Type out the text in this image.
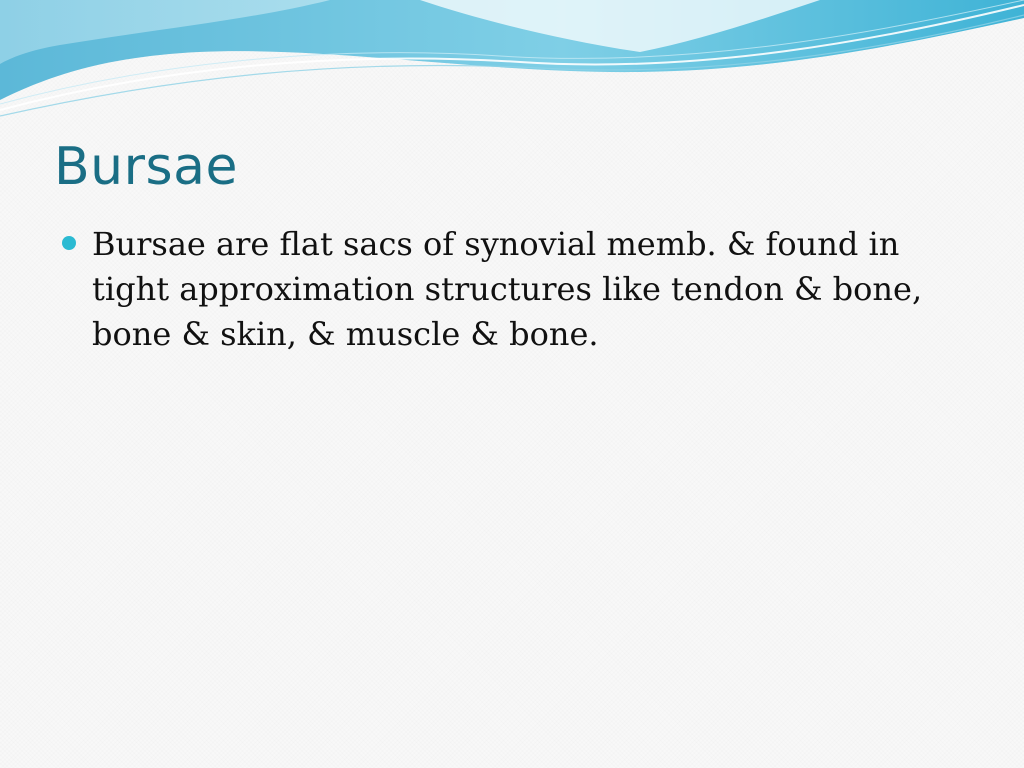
Bursae
Bursae are flat sacs of synovial memb. & found in tight approximation structures like tendon & bone, bone & skin, & muscle & bone.
